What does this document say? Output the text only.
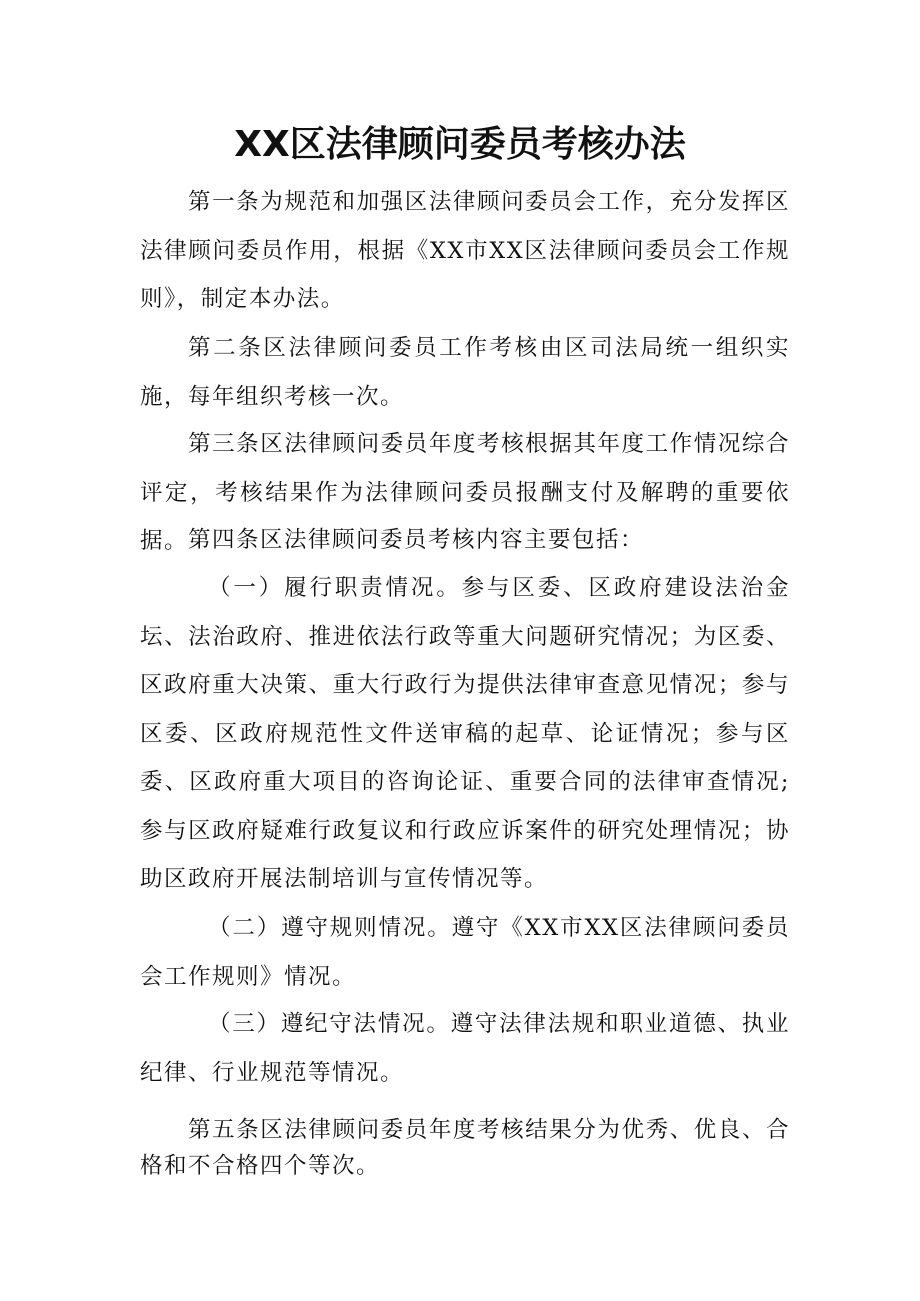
XX区法律顾问委员考核办法

第一条为规范和加强区法律顾问委员会工作，充分发挥区法律顾问委员作用，根据《XX市XX区法律顾问委员会工作规则》，制定本办法。

第二条区法律顾问委员工作考核由区司法局统一组织实施，每年组织考核一次。

第三条区法律顾问委员年度考核根据其年度工作情况综合评定，考核结果作为法律顾问委员报酬支付及解聘的重要依据。 第四条区法律顾问委员考核内容主要包括：

（一）履行职责情况。参与区委、区政府建设法治金坛、法治政府、推进依法行政等重大问题研究情况；为区委、区政府重大决策、重大行政行为提供法律审查意见情况；参与区委、区政府规范性文件送审稿的起草、论证情况；参与区委、区政府重大项目的咨询论证、重要合同的法律审查情况;参与区政府疑难行政复议和行政应诉案件的研究处理情况；协助区政府开展法制培训与宣传情况等。

（二）遵守规则情况。遵守《XX市XX区法律顾问委员会工作规则》情况。

（三）遵纪守法情况。遵守法律法规和职业道德、执业纪律、行业规范等情况。

第五条区法律顾问委员年度考核结果分为优秀、优良、合格和不合格四个等次。
